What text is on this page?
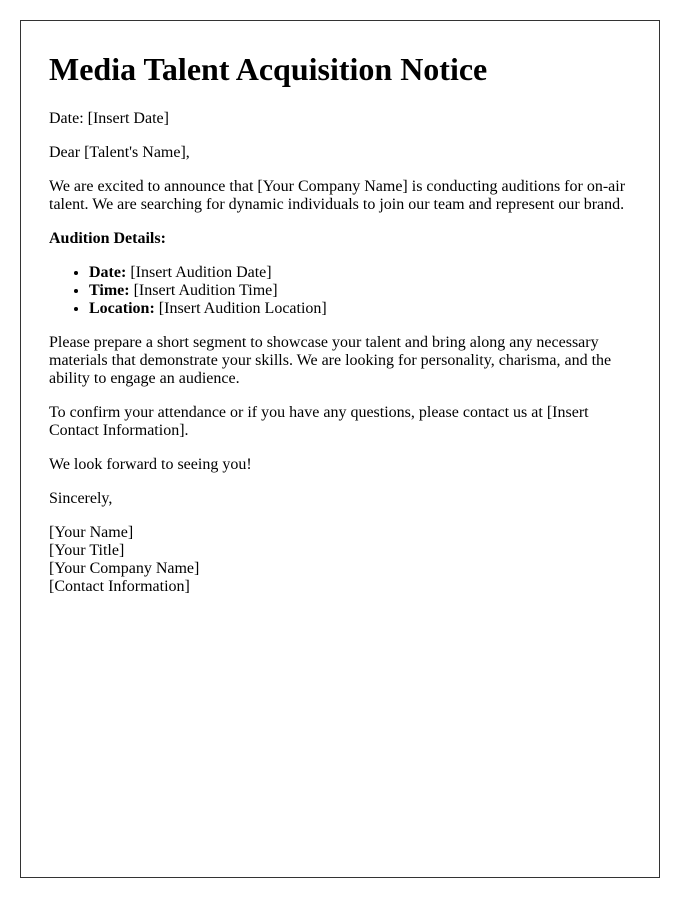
Media Talent Acquisition Notice

Date: [Insert Date]

Dear [Talent's Name],

We are excited to announce that [Your Company Name] is conducting auditions for on-air talent. We are searching for dynamic individuals to join our team and represent our brand.

Audition Details:

• Date: [Insert Audition Date]
• Time: [Insert Audition Time]
• Location: [Insert Audition Location]

Please prepare a short segment to showcase your talent and bring along any necessary materials that demonstrate your skills. We are looking for personality, charisma, and the ability to engage an audience.

To confirm your attendance or if you have any questions, please contact us at [Insert Contact Information].

We look forward to seeing you!

Sincerely,

[Your Name]
[Your Title]
[Your Company Name]
[Contact Information]
